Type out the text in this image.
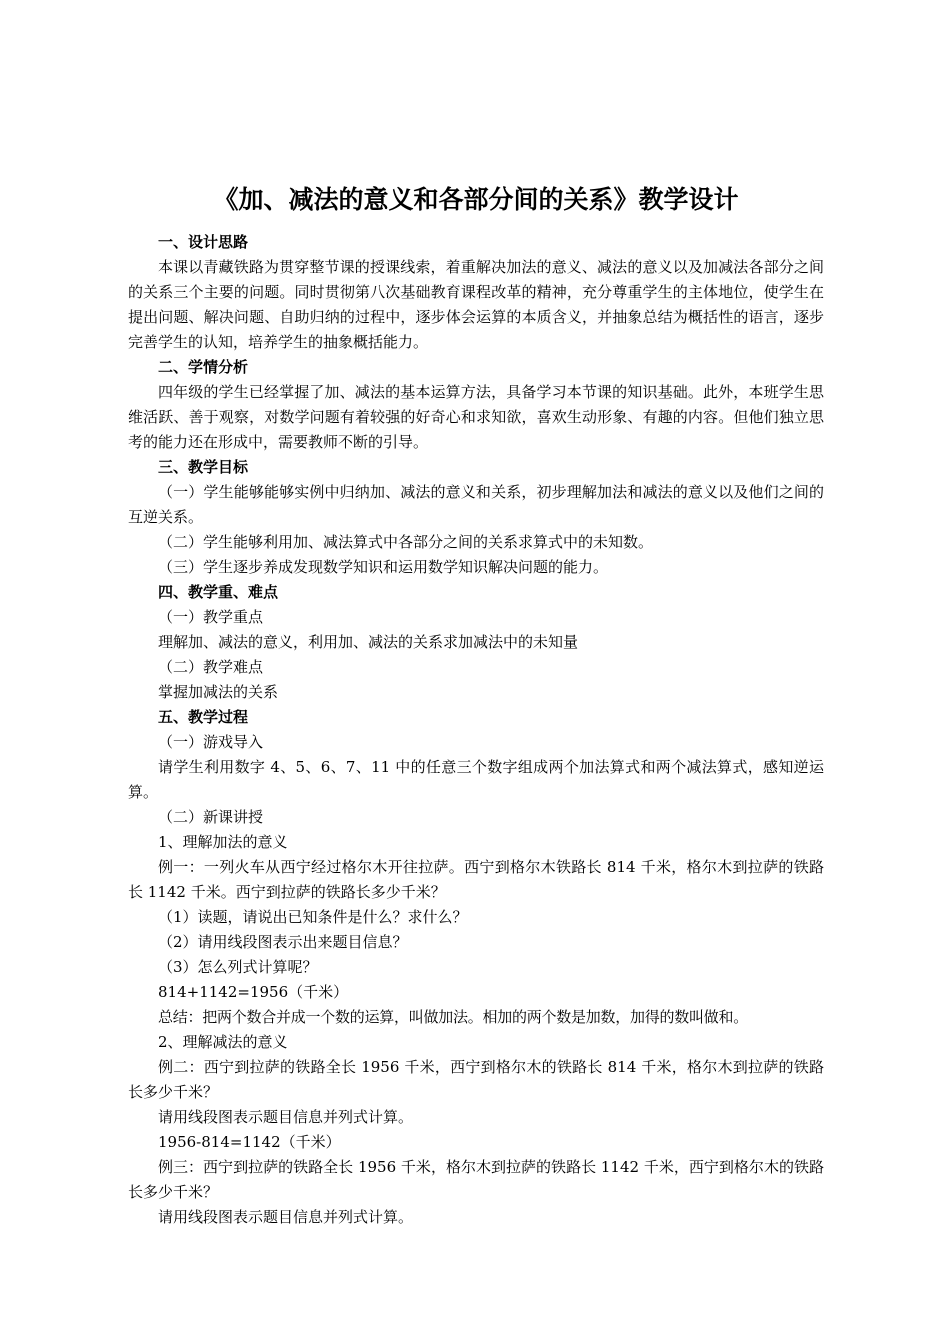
《加、减法的意义和各部分间的关系》教学设计
一、设计思路

本课以青藏铁路为贯穿整节课的授课线索，着重解决加法的意义、减法的意义以及加减法各部分之间的关系三个主要的问题。同时贯彻第八次基础教育课程改革的精神，充分尊重学生的主体地位，使学生在提出问题、解决问题、自助归纳的过程中，逐步体会运算的本质含义，并抽象总结为概括性的语言，逐步完善学生的认知，培养学生的抽象概括能力。

二、学情分析

四年级的学生已经掌握了加、减法的基本运算方法，具备学习本节课的知识基础。此外，本班学生思维活跃、善于观察，对数学问题有着较强的好奇心和求知欲，喜欢生动形象、有趣的内容。但他们独立思考的能力还在形成中，需要教师不断的引导。

三、教学目标

（一）学生能够能够实例中归纳加、减法的意义和关系，初步理解加法和减法的意义以及他们之间的互逆关系。

（二）学生能够利用加、减法算式中各部分之间的关系求算式中的未知数。

（三）学生逐步养成发现数学知识和运用数学知识解决问题的能力。

四、教学重、难点
（一）教学重点
理解加、减法的意义，利用加、减法的关系求加减法中的未知量
（二）教学难点
掌握加减法的关系
五、教学过程
（一）游戏导入

请学生利用数字 4、5、6、7、11 中的任意三个数字组成两个加法算式和两个减法算式，感知逆运算。

（二）新课讲授
1、理解加法的意义

例一：一列火车从西宁经过格尔木开往拉萨。西宁到格尔木铁路长 814 千米，格尔木到拉萨的铁路长 1142 千米。西宁到拉萨的铁路长多少千米？

（1）读题，请说出已知条件是什么？求什么？
（2）请用线段图表示出来题目信息？
（3）怎么列式计算呢？
814+1142=1956（千米）
总结：把两个数合并成一个数的运算，叫做加法。相加的两个数是加数，加得的数叫做和。
2、理解减法的意义

例二：西宁到拉萨的铁路全长 1956 千米，西宁到格尔木的铁路长 814 千米，格尔木到拉萨的铁路长多少千米？

请用线段图表示题目信息并列式计算。
1956-814=1142（千米）

例三：西宁到拉萨的铁路全长 1956 千米，格尔木到拉萨的铁路长 1142 千米，西宁到格尔木的铁路长多少千米？

请用线段图表示题目信息并列式计算。
